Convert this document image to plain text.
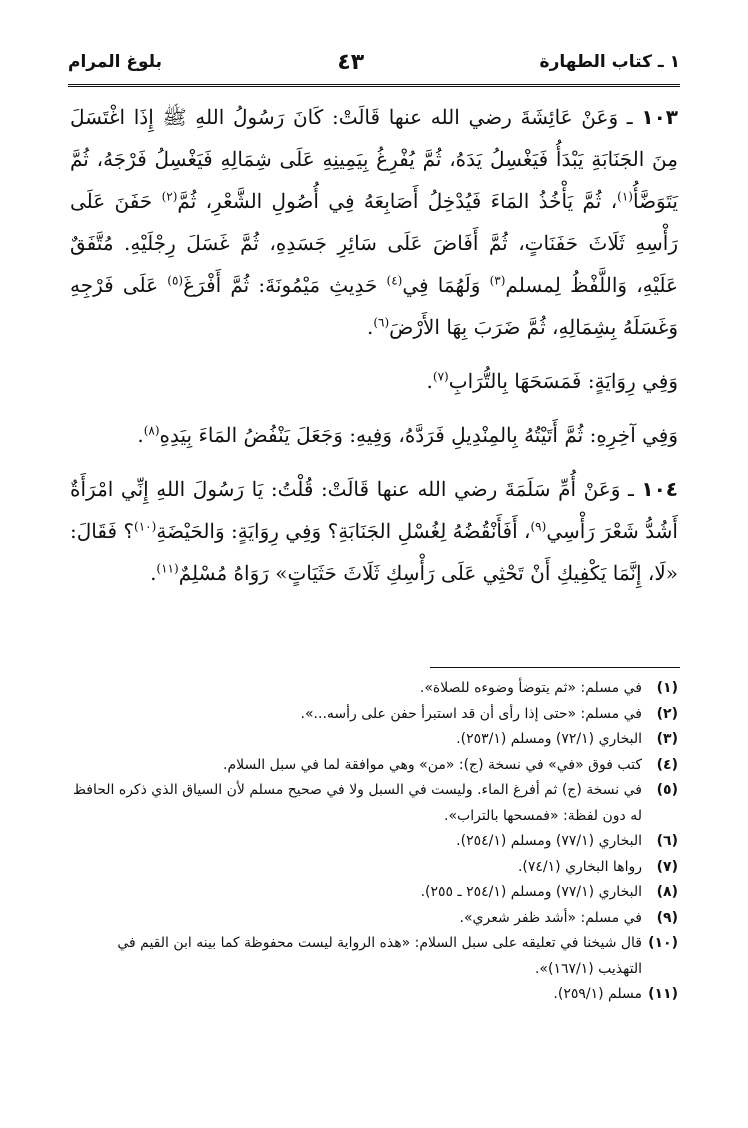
١ ـ كتاب الطهارة
٤٣
بلوغ المرام

١٠٣ ـ وَعَنْ عَائِشَةَ رضي الله عنها قَالَتْ: كَانَ رَسُولُ اللهِ ﷺ إِذَا اغْتَسَلَ مِنَ الجَنَابَةِ يَبْدَأُ فَيَغْسِلُ يَدَهُ، ثُمَّ يُفْرِغُ بِيَمِينِهِ عَلَى شِمَالِهِ فَيَغْسِلُ فَرْجَهُ، ثُمَّ يَتَوَضَّأُ$^{(١)}$، ثُمَّ يَأْخُذُ المَاءَ فَيُدْخِلُ أَصَابِعَهُ فِي أُصُولِ الشَّعْرِ، ثُمَّ$^{(٢)}$ حَفَنَ عَلَى رَأْسِهِ ثَلَاثَ حَفَنَاتٍ، ثُمَّ أَفَاضَ عَلَى سَائِرِ جَسَدِهِ، ثُمَّ غَسَلَ رِجْلَيْهِ. مُتَّفَقٌ عَلَيْهِ، وَاللَّفْظُ لِمسلم$^{(٣)}$ وَلَهُمَا فِي$^{(٤)}$ حَدِيثِ مَيْمُونَةَ: ثُمَّ أَفْرَغَ$^{(٥)}$ عَلَى فَرْجِهِ وَغَسَلَهُ بِشِمَالِهِ، ثُمَّ ضَرَبَ بِهَا الأَرْضَ$^{(٦)}$.

وَفِي رِوَايَةٍ: فَمَسَحَهَا بِالتُّرَابِ$^{(٧)}$.

وَفِي آخِرِهِ: ثُمَّ أَتَيْتُهُ بِالمِنْدِيلِ فَرَدَّهُ، وَفِيهِ: وَجَعَلَ يَنْفُضُ المَاءَ بِيَدِهِ$^{(٨)}$.

١٠٤ ـ وَعَنْ أُمِّ سَلَمَةَ رضي الله عنها قَالَتْ: قُلْتُ: يَا رَسُولَ اللهِ إِنِّي امْرَأَةٌ أَشُدُّ شَعْرَ رَأْسِي$^{(٩)}$، أَفَأَنْقُضُهُ لِغُسْلِ الجَنَابَةِ؟ وَفِي رِوَايَةٍ: وَالحَيْضَةِ$^{(١٠)}$؟ فَقَالَ: «لَا، إِنَّمَا يَكْفِيكِ أَنْ تَحْثِي عَلَى رَأْسِكِ ثَلَاثَ حَثَيَاتٍ» رَوَاهُ مُسْلِمٌ$^{(١١)}$.

(١)
في مسلم: «ثم يتوضأ وضوءه للصلاة».
(٢)
في مسلم: «حتى إذا رأى أن قد استبرأ حفن على رأسه...».
(٣)
البخاري (٧٢/١) ومسلم (٢٥٣/١).
(٤)
كتب فوق «في» في نسخة (ج): «من» وهي موافقة لما في سبل السلام.
(٥)
في نسخة (ج) ثم أفرغ الماء. وليست في السبل ولا في صحيح مسلم لأن السياق الذي ذكره الحافظ له دون لفظة: «فمسحها بالتراب».
(٦)
البخاري (٧٧/١) ومسلم (٢٥٤/١).
(٧)
رواها البخاري (٧٤/١).
(٨)
البخاري (٧٧/١) ومسلم (٢٥٤/١ ـ ٢٥٥).
(٩)
في مسلم: «أشد ظفر شعري».
(١٠)
قال شيخنا في تعليقه على سبل السلام: «هذه الرواية ليست محفوظة كما بينه ابن القيم في التهذيب (١٦٧/١)».
(١١)
مسلم (٢٥٩/١).
